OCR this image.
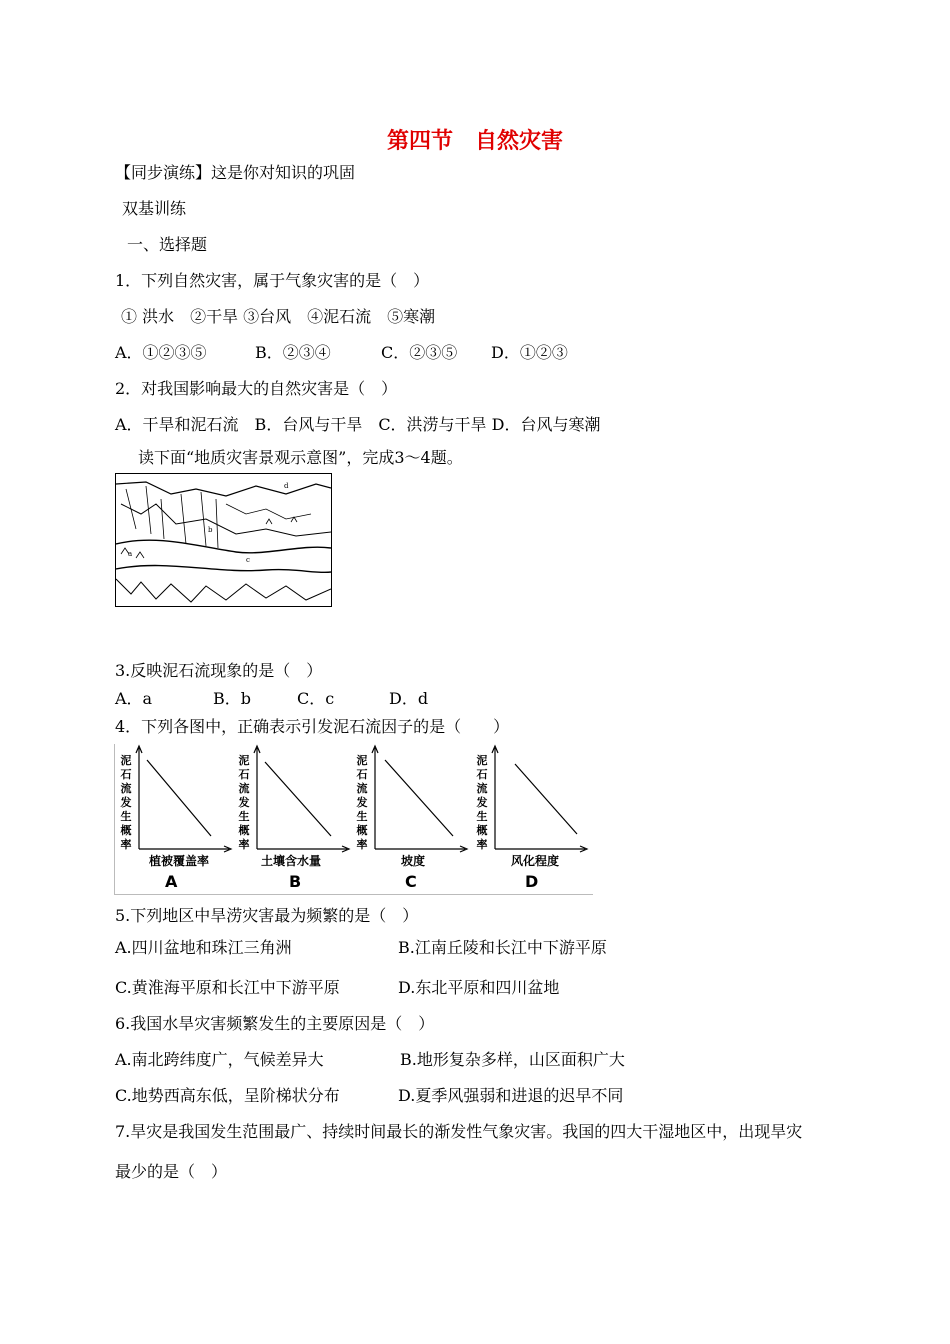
第四节　自然灾害
【同步演练】这是你对知识的巩固
双基训练
一、选择题
1．下列自然灾害，属于气象灾害的是（　）
① 洪水　②干旱 ③台风　④泥石流　⑤寒潮
A．①②③⑤	B．②③④	C．②③⑤ D．①②③
2．对我国影响最大的自然灾害是（　）
A．干旱和泥石流　B．台风与干旱　C．洪涝与干旱 D．台风与寒潮
读下面“地质灾害景观示意图”，完成3～4题。
a
b
c
d
3.反映泥石流现象的是（　）
A．a	B．b	C．c	D．d
4．下列各图中，正确表示引发泥石流因子的是（　　）
泥石流发生概率
植被覆盖率
A
泥石流发生概率
土壤含水量
B
泥石流发生概率
坡度
C
泥石流发生概率
风化程度
D
5.下列地区中旱涝灾害最为频繁的是（　）
A.四川盆地和珠江三角洲	B.江南丘陵和长江中下游平原
C.黄淮海平原和长江中下游平原	D.东北平原和四川盆地
6.我国水旱灾害频繁发生的主要原因是（　）
A.南北跨纬度广，气候差异大	B.地形复杂多样，山区面积广大
C.地势西高东低，呈阶梯状分布	D.夏季风强弱和进退的迟早不同
7.旱灾是我国发生范围最广、持续时间最长的渐发性气象灾害。我国的四大干湿地区中，出现旱灾
最少的是（　）
